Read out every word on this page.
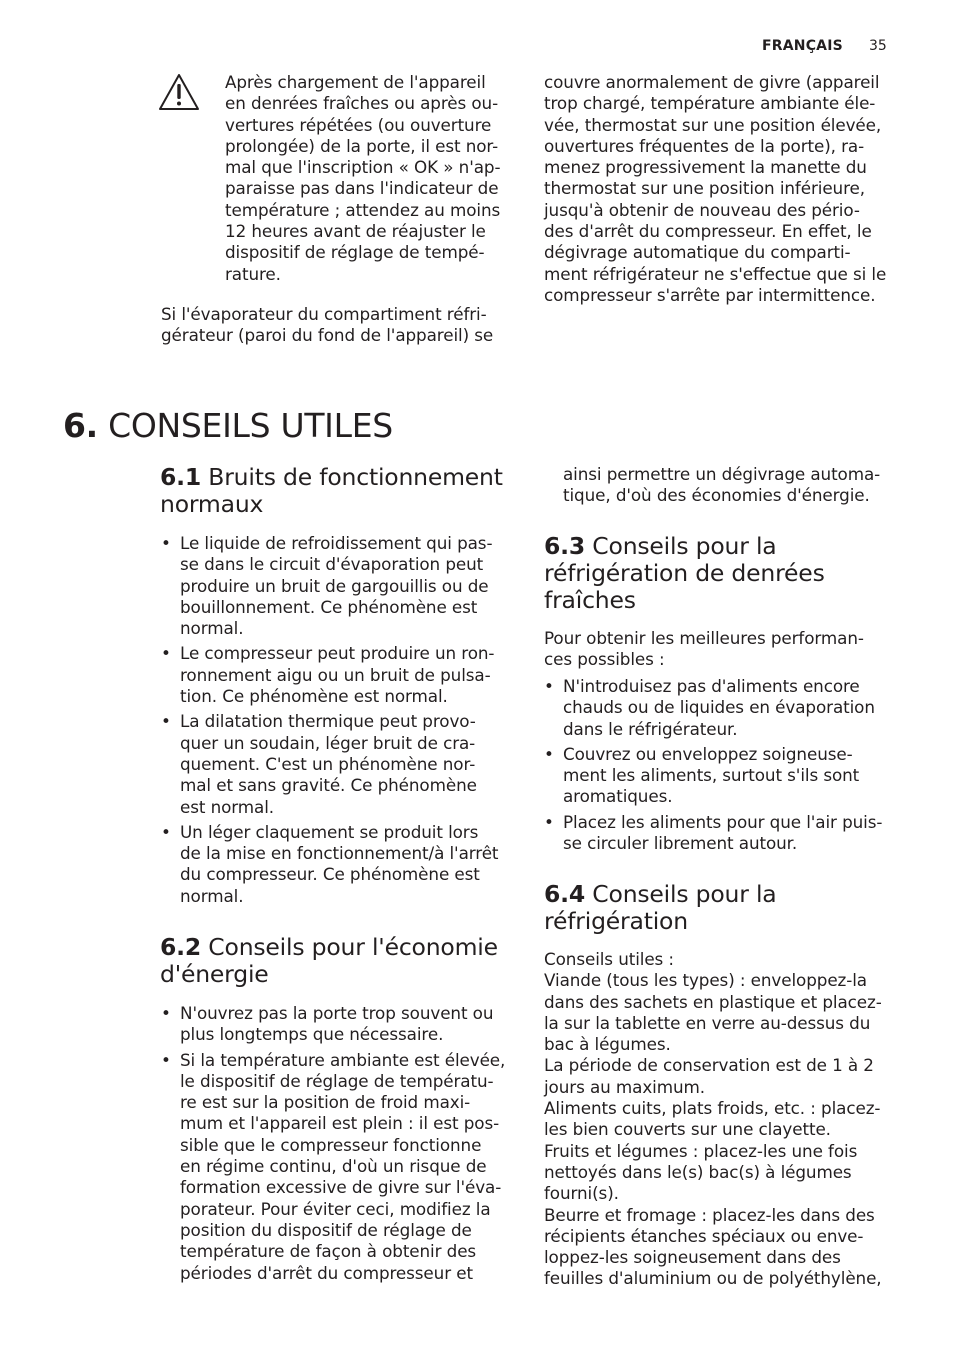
FRANÇAIS 35
Après chargement de l'appareil
en denrées fraîches ou après ou-
vertures répétées (ou ouverture
prolongée) de la porte, il est nor-
mal que l'inscription « OK » n'ap-
paraisse pas dans l'indicateur de
température ; attendez au moins
12 heures avant de réajuster le
dispositif de réglage de tempé-
rature.
Si l'évaporateur du compartiment réfri-
gérateur (paroi du fond de l'appareil) se
couvre anormalement de givre (appareil
trop chargé, température ambiante éle-
vée, thermostat sur une position élevée,
ouvertures fréquentes de la porte), ra-
menez progressivement la manette du
thermostat sur une position inférieure,
jusqu'à obtenir de nouveau des pério-
des d'arrêt du compresseur. En effet, le
dégivrage automatique du comparti-
ment réfrigérateur ne s'effectue que si le
compresseur s'arrête par intermittence.
6. CONSEILS UTILES
6.1 Bruits de fonctionnement
normaux
• Le liquide de refroidissement qui pas-
se dans le circuit d'évaporation peut
produire un bruit de gargouillis ou de
bouillonnement. Ce phénomène est
normal.
• Le compresseur peut produire un ron-
ronnement aigu ou un bruit de pulsa-
tion. Ce phénomène est normal.
• La dilatation thermique peut provo-
quer un soudain, léger bruit de cra-
quement. C'est un phénomène nor-
mal et sans gravité. Ce phénomène
est normal.
• Un léger claquement se produit lors
de la mise en fonctionnement/à l'arrêt
du compresseur. Ce phénomène est
normal.
6.2 Conseils pour l'économie
d'énergie
• N'ouvrez pas la porte trop souvent ou
plus longtemps que nécessaire.
• Si la température ambiante est élevée,
le dispositif de réglage de températu-
re est sur la position de froid maxi-
mum et l'appareil est plein : il est pos-
sible que le compresseur fonctionne
en régime continu, d'où un risque de
formation excessive de givre sur l'éva-
porateur. Pour éviter ceci, modifiez la
position du dispositif de réglage de
température de façon à obtenir des
périodes d'arrêt du compresseur et
ainsi permettre un dégivrage automa-
tique, d'où des économies d'énergie.
6.3 Conseils pour la
réfrigération de denrées
fraîches
Pour obtenir les meilleures performan-
ces possibles :
• N'introduisez pas d'aliments encore
chauds ou de liquides en évaporation
dans le réfrigérateur.
• Couvrez ou enveloppez soigneuse-
ment les aliments, surtout s'ils sont
aromatiques.
• Placez les aliments pour que l'air puis-
se circuler librement autour.
6.4 Conseils pour la
réfrigération
Conseils utiles :
Viande (tous les types) : enveloppez-la
dans des sachets en plastique et placez-
la sur la tablette en verre au-dessus du
bac à légumes.
La période de conservation est de 1 à 2
jours au maximum.
Aliments cuits, plats froids, etc. : placez-
les bien couverts sur une clayette.
Fruits et légumes : placez-les une fois
nettoyés dans le(s) bac(s) à légumes
fourni(s).
Beurre et fromage : placez-les dans des
récipients étanches spéciaux ou enve-
loppez-les soigneusement dans des
feuilles d'aluminium ou de polyéthylène,
